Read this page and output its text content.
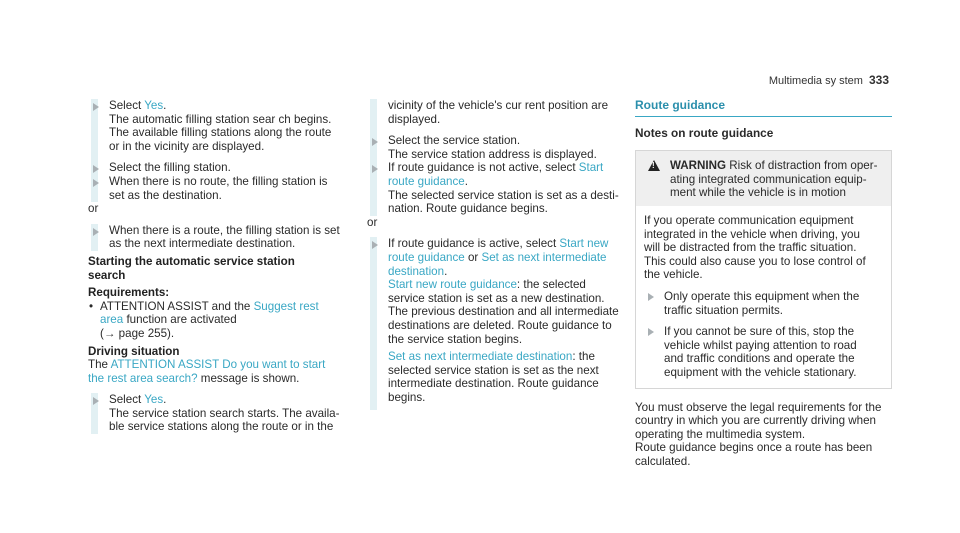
Multimedia sy stem 333
Select Yes.
The automatic filling station sear ch begins.
The available filling stations along the route
or in the vicinity are displayed.
Select the filling station.
When there is no route, the filling station is
set as the destination.
or
When there is a route, the filling station is set
as the next intermediate destination.
Starting the automatic service station
search
Requirements:
• ATTENTION ASSIST and the Suggest rest
area function are activated
(→ page 255).
Driving situation
The ATTENTION ASSIST Do you want to start
the rest area search? message is shown.
Select Yes.
The service station search starts. The availa-
ble service stations along the route or in the
vicinity of the vehicle's cur rent position are
displayed.
Select the service station.
The service station address is displayed.
If route guidance is not active, select Start
route guidance.
The selected service station is set as a desti-
nation. Route guidance begins.
or
If route guidance is active, select Start new
route guidance or Set as next intermediate
destination.
Start new route guidance: the selected
service station is set as a new destination.
The previous destination and all intermediate
destinations are deleted. Route guidance to
the service station begins.
Set as next intermediate destination: the
selected service station is set as the next
intermediate destination. Route guidance
begins.
Route guidance
Notes on route guidance
!
WARNING Risk of distraction from oper-
ating integrated communication equip-
ment while the vehicle is in motion
If you operate communication equipment
integrated in the vehicle when driving, you
will be distracted from the traffic situation.
This could also cause you to lose control of
the vehicle.
Only operate this equipment when the
traffic situation permits.
If you cannot be sure of this, stop the
vehicle whilst paying attention to road
and traffic conditions and operate the
equipment with the vehicle stationary.
You must observe the legal requirements for the
country in which you are currently driving when
operating the multimedia system.
Route guidance begins once a route has been
calculated.
